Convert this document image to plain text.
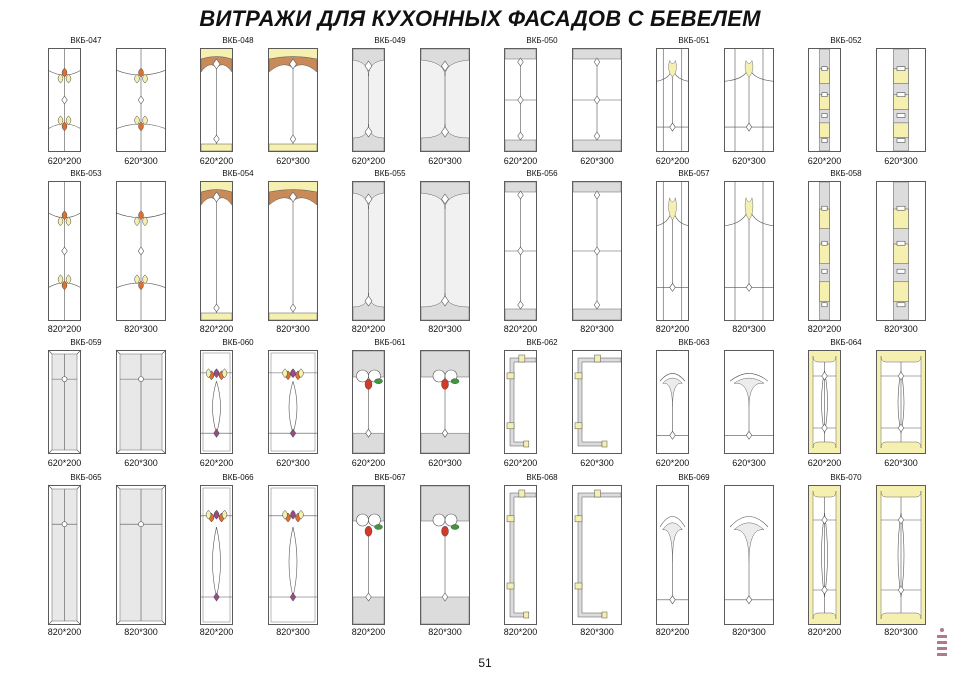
ВИТРАЖИ ДЛЯ КУХОННЫХ ФАСАДОВ С БЕВЕЛЕМ
ВКБ-047
620*200	620*300
ВКБ-048
620*200	620*300
ВКБ-049
620*200	620*300
ВКБ-050
620*200	620*300
ВКБ-051
620*200	620*300
ВКБ-052
620*200	620*300
ВКБ-053
820*200	820*300
ВКБ-054
820*200	820*300
ВКБ-055
820*200	820*300
ВКБ-056
820*200	820*300
ВКБ-057
820*200	820*300
ВКБ-058
820*200	820*300
ВКБ-059
620*200	620*300
ВКБ-060
620*200	620*300
ВКБ-061
620*200	620*300
ВКБ-062
620*200	620*300
ВКБ-063
620*200	620*300
ВКБ-064
620*200	620*300
ВКБ-065
820*200	820*300
ВКБ-066
820*200	820*300
ВКБ-067
820*200	820*300
ВКБ-068
820*200	820*300
ВКБ-069
820*200	820*300
ВКБ-070
820*200	820*300
51
